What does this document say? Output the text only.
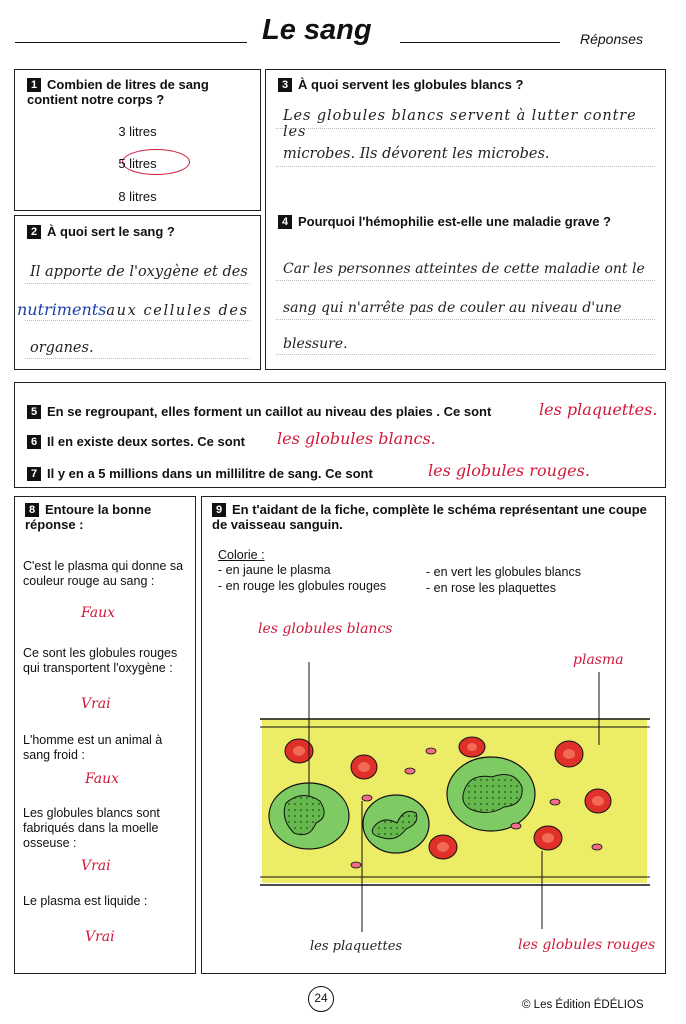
Le sang	Réponses
1 Combien de litres de sang contient notre corps ?
3 litres
5 litres
8 litres
2 À quoi sert le sang ?
Il apporte de l'oxygène et des
nutrimentsaux cellules des
organes.
3 À quoi servent les globules blancs ?
Les globules blancs servent à lutter contre les
microbes. Ils dévorent les microbes.
4 Pourquoi l'hémophilie est-elle une maladie grave ?
Car les personnes atteintes de cette maladie ont le
sang qui n'arrête pas de couler au niveau d'une
blessure.
5 En se regroupant, elles forment un caillot au niveau des plaies . Ce sont	les plaquettes.
6 Il en existe deux sortes. Ce sont les globules blancs.
7 Il y en a 5 millions dans un millilitre de sang. Ce sont	les globules rouges.
8 Entoure la bonne réponse :
C'est le plasma qui donne sa couleur rouge au sang :
Faux
Ce sont les globules rouges qui transportent l'oxygène :
Vrai
L'homme est un animal à sang froid :
Faux
Les globules blancs sont fabriqués dans la moelle osseuse :
Vrai
Le plasma est liquide :
Vrai
9 En t'aidant de la fiche, complète le schéma représentant une coupe de vaisseau sanguin.
Colorie :
- en jaune le plasma	- en vert les globules blancs
- en rouge les globules rouges	- en rose les plaquettes
les globules blancs
plasma
les plaquettes	les globules rouges
24	© Les Édition ÉDÉLIOS
